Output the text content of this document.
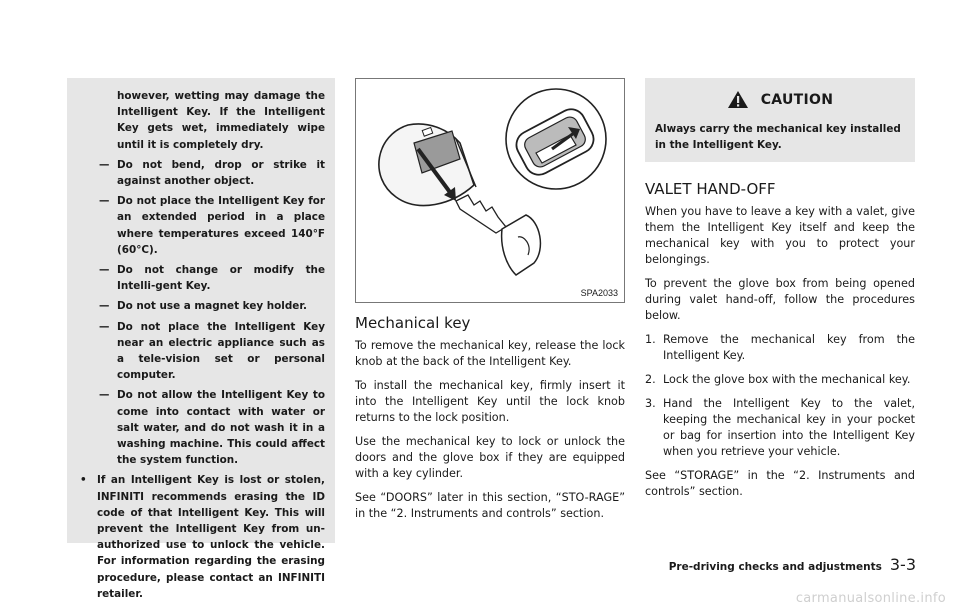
however, wetting may damage the Intelligent Key. If the Intelligent Key gets wet, immediately wipe until it is completely dry.

— Do not bend, drop or strike it against another object.

— Do not place the Intelligent Key for an extended period in a place where temperatures exceed 140°F (60°C).

— Do not change or modify the Intelli-gent Key.

— Do not use a magnet key holder.

— Do not place the Intelligent Key near an electric appliance such as a tele-vision set or personal computer.

— Do not allow the Intelligent Key to come into contact with water or salt water, and do not wash it in a washing machine. This could affect the system function.

• If an Intelligent Key is lost or stolen, INFINITI recommends erasing the ID code of that Intelligent Key. This will prevent the Intelligent Key from un-authorized use to unlock the vehicle. For information regarding the erasing procedure, please contact an INFINITI retailer.

SPA2033
Mechanical key

To remove the mechanical key, release the lock knob at the back of the Intelligent Key.

To install the mechanical key, firmly insert it into the Intelligent Key until the lock knob returns to the lock position.

Use the mechanical key to lock or unlock the doors and the glove box if they are equipped with a key cylinder.

See “DOORS” later in this section, “STO-RAGE” in the “2. Instruments and controls” section.

CAUTION

Always carry the mechanical key installed in the Intelligent Key.

VALET HAND-OFF

When you have to leave a key with a valet, give them the Intelligent Key itself and keep the mechanical key with you to protect your belongings.

To prevent the glove box from being opened during valet hand-off, follow the procedures below.

1. Remove the mechanical key from the Intelligent Key.

2. Lock the glove box with the mechanical key.

3. Hand the Intelligent Key to the valet, keeping the mechanical key in your pocket or bag for insertion into the Intelligent Key when you retrieve your vehicle.

See “STORAGE” in the “2. Instruments and controls” section.

Pre-driving checks and adjustments 3-3
carmanualsonline.info
